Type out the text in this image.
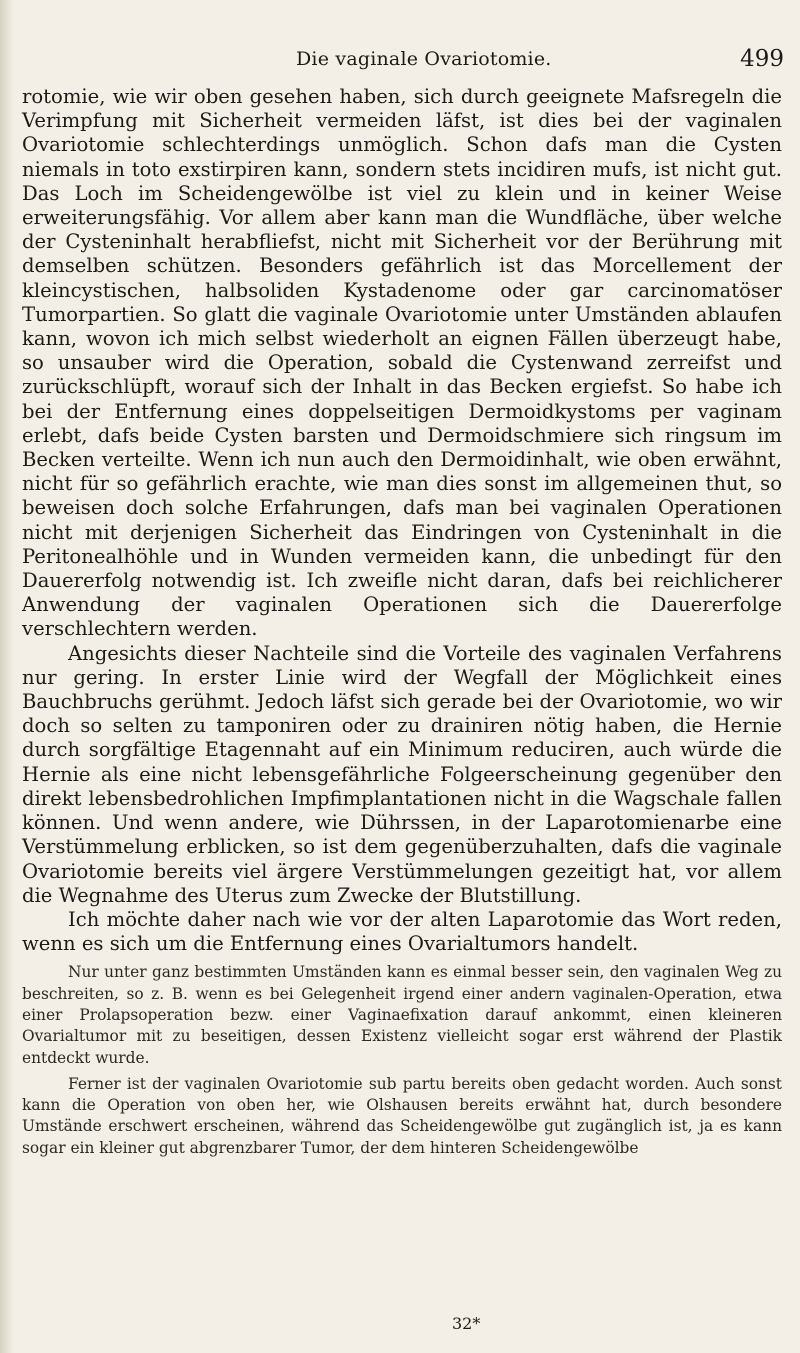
Die vaginale Ovariotomie.	499

rotomie, wie wir oben gesehen haben, sich durch geeignete Mafsregeln die Verimpfung mit Sicherheit vermeiden läfst, ist dies bei der vaginalen Ovariotomie schlechterdings unmöglich. Schon dafs man die Cysten niemals in toto exstirpiren kann, sondern stets incidiren mufs, ist nicht gut. Das Loch im Scheidengewölbe ist viel zu klein und in keiner Weise erweiterungsfähig. Vor allem aber kann man die Wundfläche, über welche der Cysteninhalt herabfliefst, nicht mit Sicherheit vor der Berührung mit demselben schützen. Besonders gefährlich ist das Morcellement der kleincystischen, halbsoliden Kystadenome oder gar carcinomatöser Tumorpartien. So glatt die vaginale Ovariotomie unter Umständen ablaufen kann, wovon ich mich selbst wiederholt an eignen Fällen überzeugt habe, so unsauber wird die Operation, sobald die Cystenwand zerreifst und zurückschlüpft, worauf sich der Inhalt in das Becken ergiefst. So habe ich bei der Entfernung eines doppelseitigen Dermoidkystoms per vaginam erlebt, dafs beide Cysten barsten und Dermoidschmiere sich ringsum im Becken verteilte. Wenn ich nun auch den Dermoidinhalt, wie oben erwähnt, nicht für so gefährlich erachte, wie man dies sonst im allgemeinen thut, so beweisen doch solche Erfahrungen, dafs man bei vaginalen Operationen nicht mit derjenigen Sicherheit das Eindringen von Cysteninhalt in die Peritonealhöhle und in Wunden vermeiden kann, die unbedingt für den Dauererfolg notwendig ist. Ich zweifle nicht daran, dafs bei reichlicherer Anwendung der vaginalen Operationen sich die Dauererfolge verschlechtern werden.

Angesichts dieser Nachteile sind die Vorteile des vaginalen Verfahrens nur gering. In erster Linie wird der Wegfall der Möglichkeit eines Bauchbruchs gerühmt. Jedoch läfst sich gerade bei der Ovariotomie, wo wir doch so selten zu tamponiren oder zu drainiren nötig haben, die Hernie durch sorgfältige Etagennaht auf ein Minimum reduciren, auch würde die Hernie als eine nicht lebensgefährliche Folgeerscheinung gegenüber den direkt lebensbedrohlichen Impfimplantationen nicht in die Wagschale fallen können. Und wenn andere, wie Dührssen, in der Laparotomienarbe eine Verstümmelung erblicken, so ist dem gegenüberzuhalten, dafs die vaginale Ovariotomie bereits viel ärgere Verstümmelungen gezeitigt hat, vor allem die Wegnahme des Uterus zum Zwecke der Blutstillung.

Ich möchte daher nach wie vor der alten Laparotomie das Wort reden, wenn es sich um die Entfernung eines Ovarialtumors handelt.

Nur unter ganz bestimmten Umständen kann es einmal besser sein, den vaginalen Weg zu beschreiten, so z. B. wenn es bei Gelegenheit irgend einer andern vaginalen-Operation, etwa einer Prolapsoperation bezw. einer Vaginaefixation darauf ankommt, einen kleineren Ovarialtumor mit zu beseitigen, dessen Existenz vielleicht sogar erst während der Plastik entdeckt wurde.

Ferner ist der vaginalen Ovariotomie sub partu bereits oben gedacht worden. Auch sonst kann die Operation von oben her, wie Olshausen bereits erwähnt hat, durch besondere Umstände erschwert erscheinen, während das Scheidengewölbe gut zugänglich ist, ja es kann sogar ein kleiner gut abgrenzbarer Tumor, der dem hinteren Scheidengewölbe

32*
